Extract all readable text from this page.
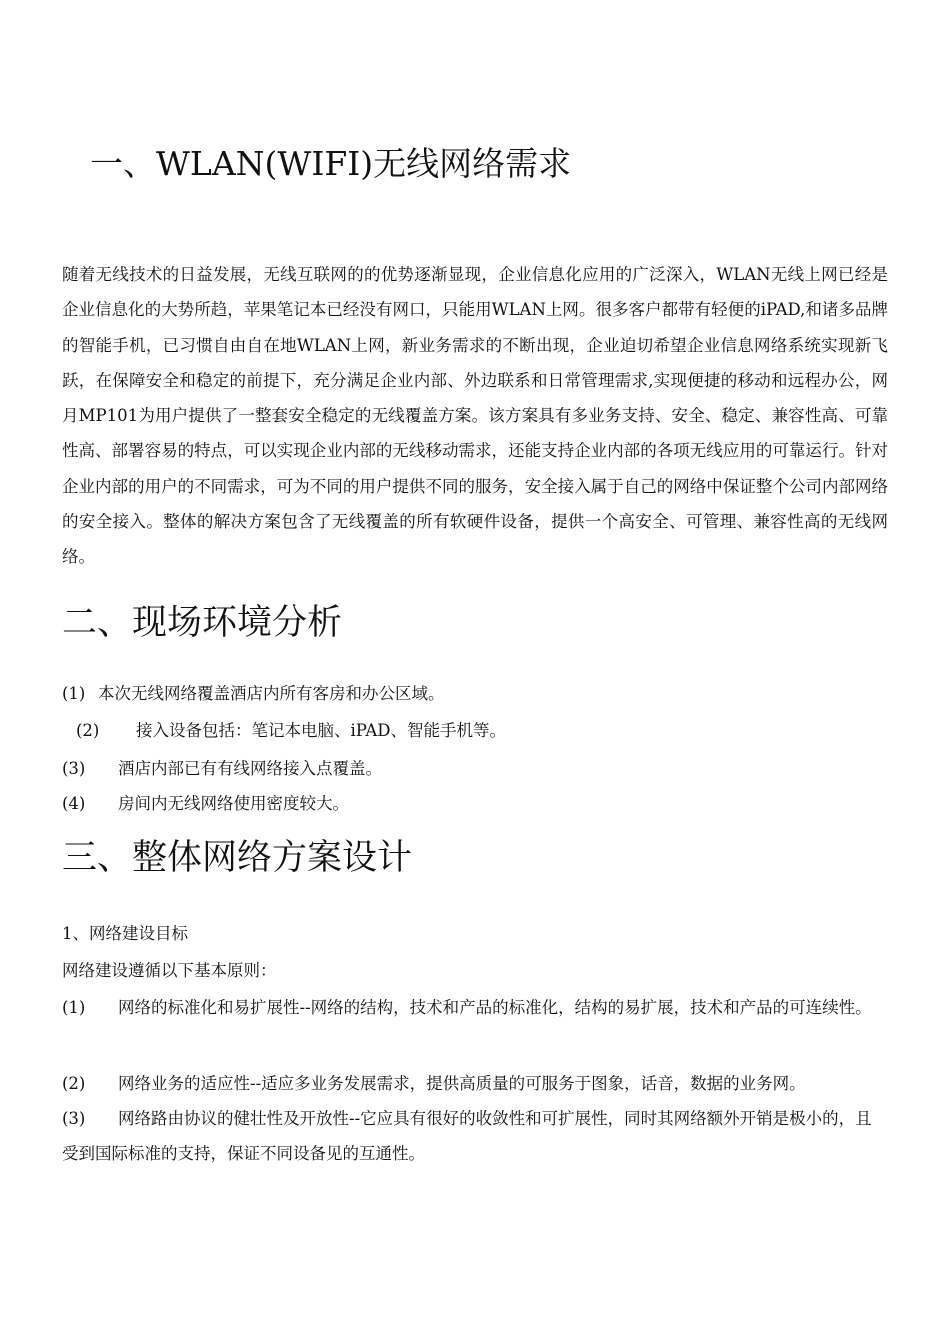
一、WLAN(WIFI)无线网络需求
随着无线技术的日益发展，无线互联网的的优势逐渐显现，企业信息化应用的广泛深入，WLAN无线上网已经是企业信息化的大势所趋，苹果笔记本已经没有网口，只能用WLAN上网。很多客户都带有轻便的iPAD,和诸多品牌的智能手机，已习惯自由自在地WLAN上网，新业务需求的不断出现，企业迫切希望企业信息网络系统实现新飞跃，在保障安全和稳定的前提下，充分满足企业内部、外边联系和日常管理需求,实现便捷的移动和远程办公，网月MP101为用户提供了一整套安全稳定的无线覆盖方案。该方案具有多业务支持、安全、稳定、兼容性高、可靠性高、部署容易的特点，可以实现企业内部的无线移动需求，还能支持企业内部的各项无线应用的可靠运行。针对企业内部的用户的不同需求，可为不同的用户提供不同的服务，安全接入属于自己的网络中保证整个公司内部网络的安全接入。整体的解决方案包含了无线覆盖的所有软硬件设备，提供一个高安全、可管理、兼容性高的无线网络。
二、现场环境分析
(1) 本次无线网络覆盖酒店内所有客房和办公区域。
(2) 接入设备包括：笔记本电脑、iPAD、智能手机等。
(3) 酒店内部已有有线网络接入点覆盖。
(4) 房间内无线网络使用密度较大。
三、整体网络方案设计
1、网络建设目标
网络建设遵循以下基本原则：
(1) 网络的标准化和易扩展性--网络的结构，技术和产品的标准化，结构的易扩展，技术和产品的可连续性。
(2) 网络业务的适应性--适应多业务发展需求，提供高质量的可服务于图象，话音，数据的业务网。
(3) 网络路由协议的健壮性及开放性--它应具有很好的收敛性和可扩展性，同时其网络额外开销是极小的，且受到国际标准的支持，保证不同设备见的互通性。
